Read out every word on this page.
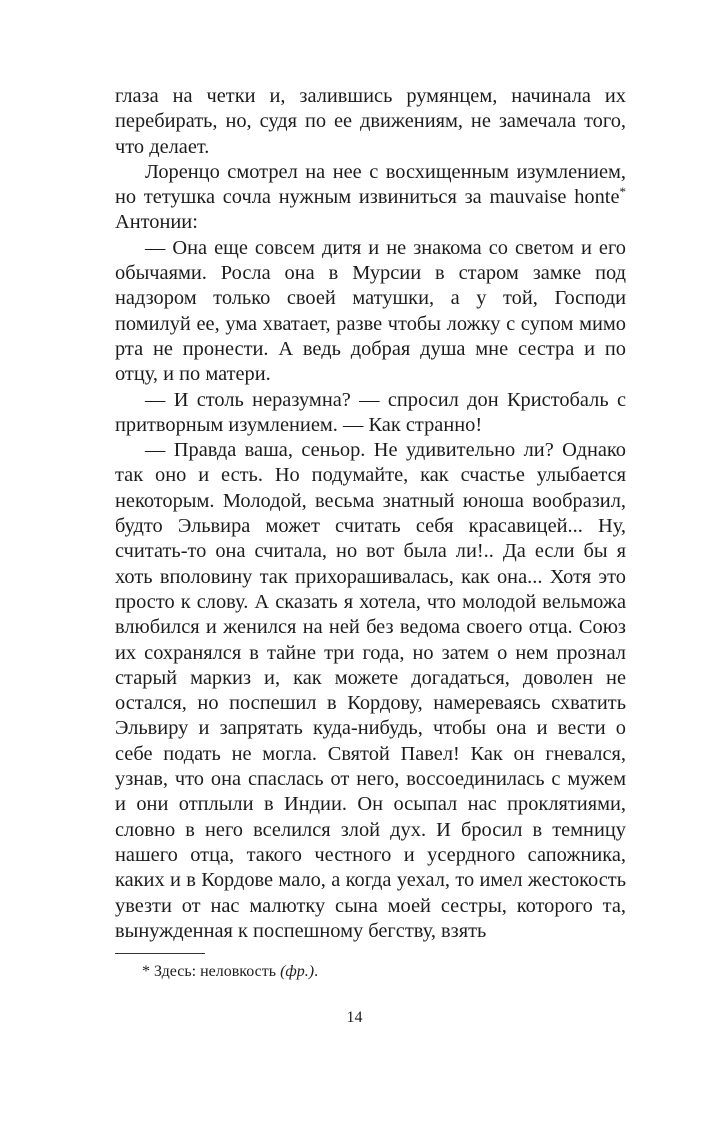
глаза на четки и, залившись румянцем, начинала их перебирать, но, судя по ее движениям, не замечала того, что делает.

Лоренцо смотрел на нее с восхищенным изумлением, но тетушка сочла нужным извиниться за mauvaise honte* Антонии:

— Она еще совсем дитя и не знакома со светом и его обычаями. Росла она в Мурсии в старом замке под надзором только своей матушки, а у той, Господи помилуй ее, ума хватает, разве чтобы ложку с супом мимо рта не пронести. А ведь добрая душа мне сестра и по отцу, и по матери.

— И столь неразумна? — спросил дон Кристобаль с притворным изумлением. — Как странно!

— Правда ваша, сеньор. Не удивительно ли? Однако так оно и есть. Но подумайте, как счастье улыбается некоторым. Молодой, весьма знатный юноша вообразил, будто Эльвира может считать себя красавицей... Ну, считать-то она считала, но вот была ли!.. Да если бы я хоть вполовину так прихорашивалась, как она... Хотя это просто к слову. А сказать я хотела, что молодой вельможа влюбился и женился на ней без ведома своего отца. Союз их сохранялся в тайне три года, но затем о нем прознал старый маркиз и, как можете догадаться, доволен не остался, но поспешил в Кордову, намереваясь схватить Эльвиру и запрятать куда-нибудь, чтобы она и вести о себе подать не могла. Святой Павел! Как он гневался, узнав, что она спаслась от него, воссоединилась с мужем и они отплыли в Индии. Он осыпал нас проклятиями, словно в него вселился злой дух. И бросил в темницу нашего отца, такого честного и усердного сапожника, каких и в Кордове мало, а когда уехал, то имел жестокость увезти от нас малютку сына моей сестры, которого та, вынужденная к поспешному бегству, взять

* Здесь: неловкость (фр.).
14
